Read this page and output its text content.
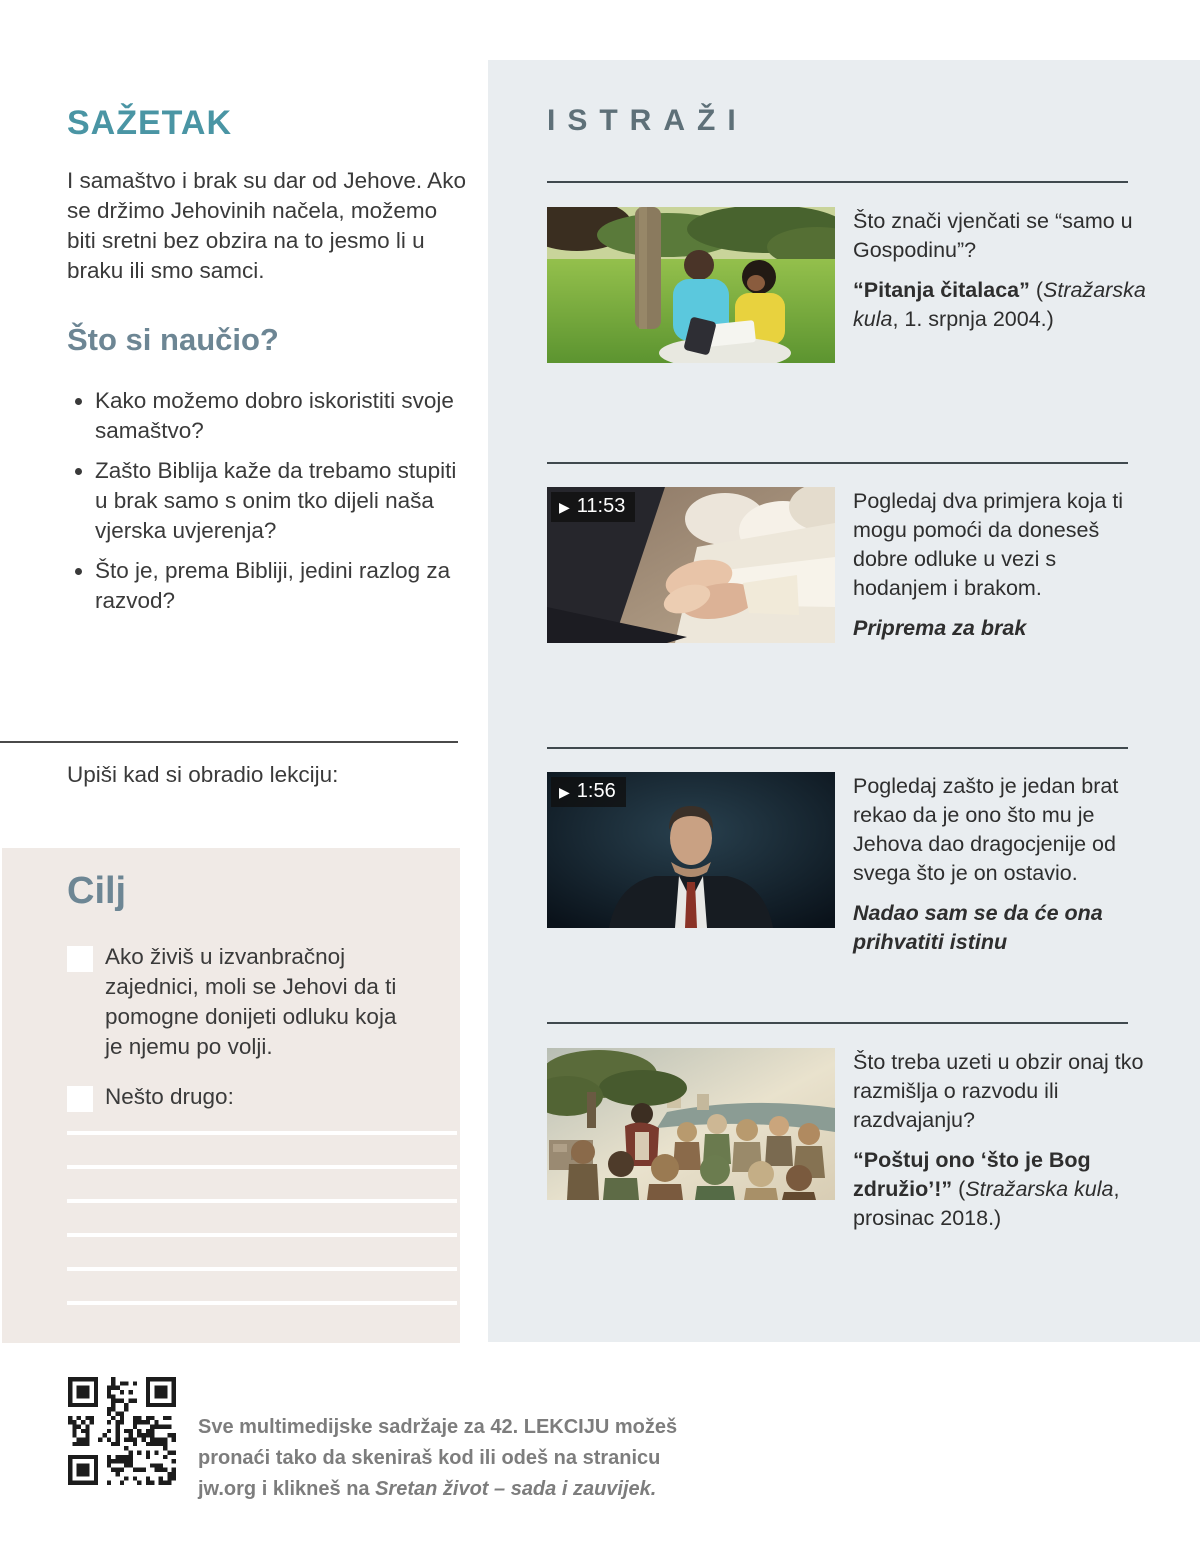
SAŽETAK
I samaštvo i brak su dar od Jehove. Ako se držimo Jehovinih načela, možemo biti sretni bez obzira na to jesmo li u braku ili smo samci.
Što si naučio?
• Kako možemo dobro iskoristiti svoje samaštvo?
• Zašto Biblija kaže da trebamo stupiti u brak samo s onim tko dijeli naša vjerska uvjerenja?
• Što je, prema Bibliji, jedini razlog za razvod?
Upiši kad si obradio lekciju:
Cilj
Ako živiš u izvanbračnoj zajednici, moli se Jehovi da ti pomogne donijeti odluku koja je njemu po volji.
Nešto drugo:
ISTRAŽI

Što znači vjenčati se “samo u Gospodinu”?

“Pitanja čitalaca” (Stražarska kula, 1. srpnja 2004.)

▶ 11:53	Pogledaj dva primjera koja ti mogu pomoći da doneseš dobre odluke u vezi s hodanjem i brakom.

Priprema za brak

▶ 1:56	Pogledaj zašto je jedan brat rekao da je ono što mu je Jehova dao dragocjenije od svega što je on ostavio.

Nadao sam se da će ona prihvatiti istinu

Što treba uzeti u obzir onaj tko razmišlja o razvodu ili razdvajanju?

“Poštuj ono ‘što je Bog združio’!” (Stražarska kula, prosinac 2018.)

Sve multimedijske sadržaje za 42. LEKCIJU možeš pronaći tako da skeniraš kod ili odeš na stranicu jw.org i klikneš na Sretan život – sada i zauvijek.
